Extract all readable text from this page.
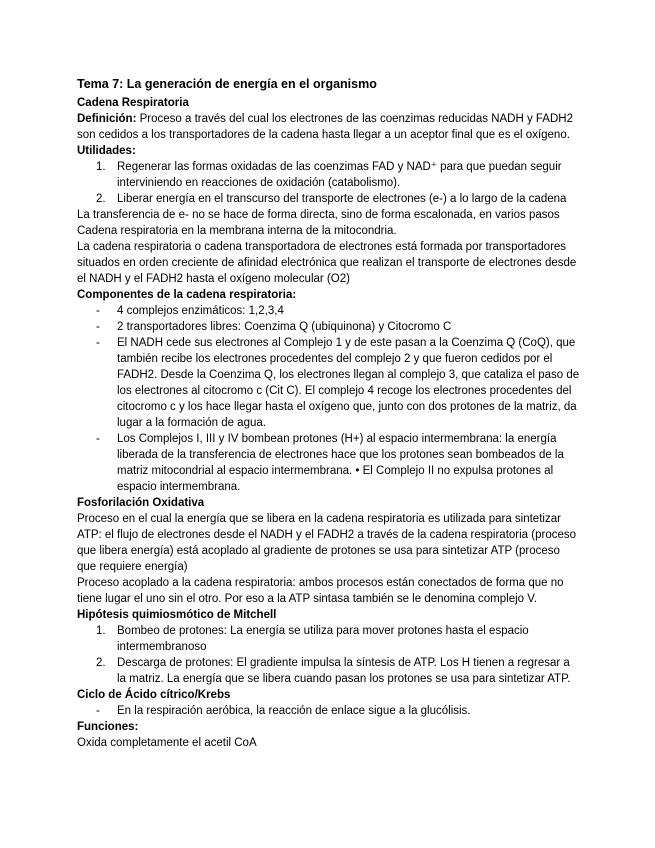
Tema 7: La generación de energía en el organismo
Cadena Respiratoria

Definición: Proceso a través del cual los electrones de las coenzimas reducidas NADH y FADH2 son cedidos a los transportadores de la cadena hasta llegar a un aceptor final que es el oxígeno.

Utilidades:
1. Regenerar las formas oxidadas de las coenzimas FAD y NAD⁺ para que puedan seguir interviniendo en reacciones de oxidación (catabolismo).
2. Liberar energía en el transcurso del transporte de electrones (e-) a lo largo de la cadena

La transferencia de e- no se hace de forma directa, sino de forma escalonada, en varios pasos

Cadena respiratoria en la membrana interna de la mitocondria.

La cadena respiratoria o cadena transportadora de electrones está formada por transportadores situados en orden creciente de afinidad electrónica que realizan el transporte de electrones desde el NADH y el FADH2 hasta el oxígeno molecular (O2)

Componentes de la cadena respiratoria:
-	4 complejos enzimáticos: 1,2,3,4
-	2 transportadores libres: Coenzima Q (ubiquinona) y Citocromo C
-	El NADH cede sus electrones al Complejo 1 y de este pasan a la Coenzima Q (CoQ), que también recibe los electrones procedentes del complejo 2 y que fueron cedidos por el FADH2. Desde la Coenzima Q, los electrones llegan al complejo 3, que cataliza el paso de los electrones al citocromo c (Cit C). El complejo 4 recoge los electrones procedentes del citocromo c y los hace llegar hasta el oxígeno que, junto con dos protones de la matriz, da lugar a la formación de agua.
-	Los Complejos I, III y IV bombean protones (H+) al espacio intermembrana: la energía liberada de la transferencia de electrones hace que los protones sean bombeados de la matriz mitocondrial al espacio intermembrana. • El Complejo II no expulsa protones al espacio intermembrana.
Fosforilación Oxidativa

Proceso en el cual la energía que se libera en la cadena respiratoria es utilizada para sintetizar ATP: el flujo de electrones desde el NADH y el FADH2 a través de la cadena respiratoria (proceso que libera energía) está acoplado al gradiente de protones se usa para sintetizar ATP (proceso que requiere energía)

Proceso acoplado a la cadena respiratoria: ambos procesos están conectados de forma que no tiene lugar el uno sin el otro. Por eso a la ATP sintasa también se le denomina complejo V.

Hipótesis quimiosmótico de Mitchell
1. Bombeo de protones: La energía se utiliza para mover protones hasta el espacio intermembranoso
2. Descarga de protones: El gradiente impulsa la síntesis de ATP. Los H tienen a regresar a la matriz. La energía que se libera cuando pasan los protones se usa para sintetizar ATP.
Ciclo de Ácido cítrico/Krebs
-	En la respiración aeróbica, la reacción de enlace sigue a la glucólisis.
Funciones:

Oxida completamente el acetil CoA
